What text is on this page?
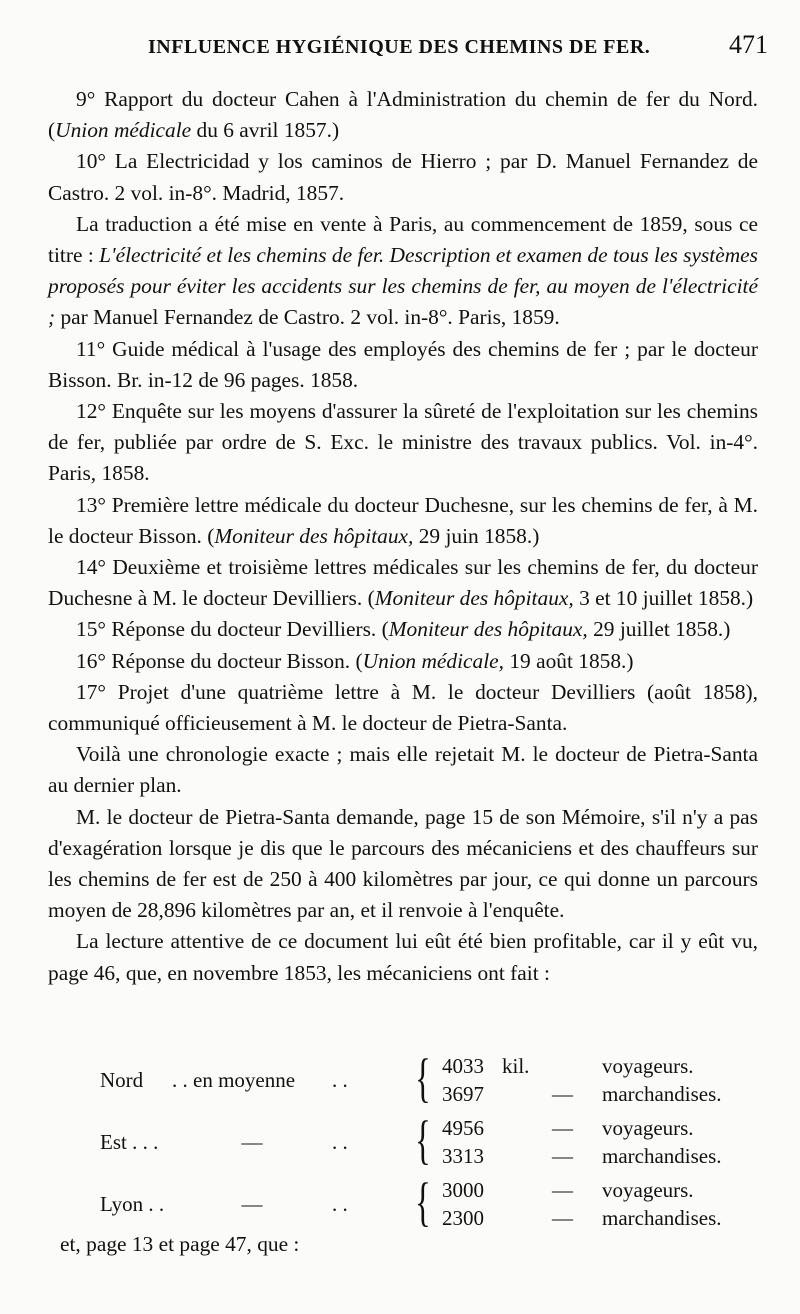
INFLUENCE HYGIÉNIQUE DES CHEMINS DE FER.	471

9° Rapport du docteur Cahen à l'Administration du chemin de fer du Nord. (Union médicale du 6 avril 1857.)

10° La Electricidad y los caminos de Hierro ; par D. Manuel Fernandez de Castro. 2 vol. in-8°. Madrid, 1857.

La traduction a été mise en vente à Paris, au commencement de 1859, sous ce titre : L'électricité et les chemins de fer. Description et examen de tous les systèmes proposés pour éviter les accidents sur les chemins de fer, au moyen de l'électricité ; par Manuel Fernandez de Castro. 2 vol. in-8°. Paris, 1859.

11° Guide médical à l'usage des employés des chemins de fer ; par le docteur Bisson. Br. in-12 de 96 pages. 1858.

12° Enquête sur les moyens d'assurer la sûreté de l'exploitation sur les chemins de fer, publiée par ordre de S. Exc. le ministre des travaux publics. Vol. in-4°. Paris, 1858.

13° Première lettre médicale du docteur Duchesne, sur les chemins de fer, à M. le docteur Bisson. (Moniteur des hôpitaux, 29 juin 1858.)

14° Deuxième et troisième lettres médicales sur les chemins de fer, du docteur Duchesne à M. le docteur Devilliers. (Moniteur des hôpitaux, 3 et 10 juillet 1858.)

15° Réponse du docteur Devilliers. (Moniteur des hôpitaux, 29 juillet 1858.)

16° Réponse du docteur Bisson. (Union médicale, 19 août 1858.)

17° Projet d'une quatrième lettre à M. le docteur Devilliers (août 1858), communiqué officieusement à M. le docteur de Pietra-Santa.

Voilà une chronologie exacte ; mais elle rejetait M. le docteur de Pietra-Santa au dernier plan.

M. le docteur de Pietra-Santa demande, page 15 de son Mémoire, s'il n'y a pas d'exagération lorsque je dis que le parcours des mécaniciens et des chauffeurs sur les chemins de fer est de 250 à 400 kilomètres par jour, ce qui donne un parcours moyen de 28,896 kilomètres par an, et il renvoie à l'enquête.

La lecture attentive de ce document lui eût été bien profitable, car il y eût vu, page 46, que, en novembre 1853, les mécaniciens ont fait :

Nord . . en moyenne . .	{ 4033 kil.	voyageurs.
3697	— marchandises.
Est . . .	—	. .	{ 4956	— voyageurs.
3313	— marchandises.
Lyon . .	—	. .	{ 3000	— voyageurs.
2300	— marchandises.
et, page 13 et page 47, que :
